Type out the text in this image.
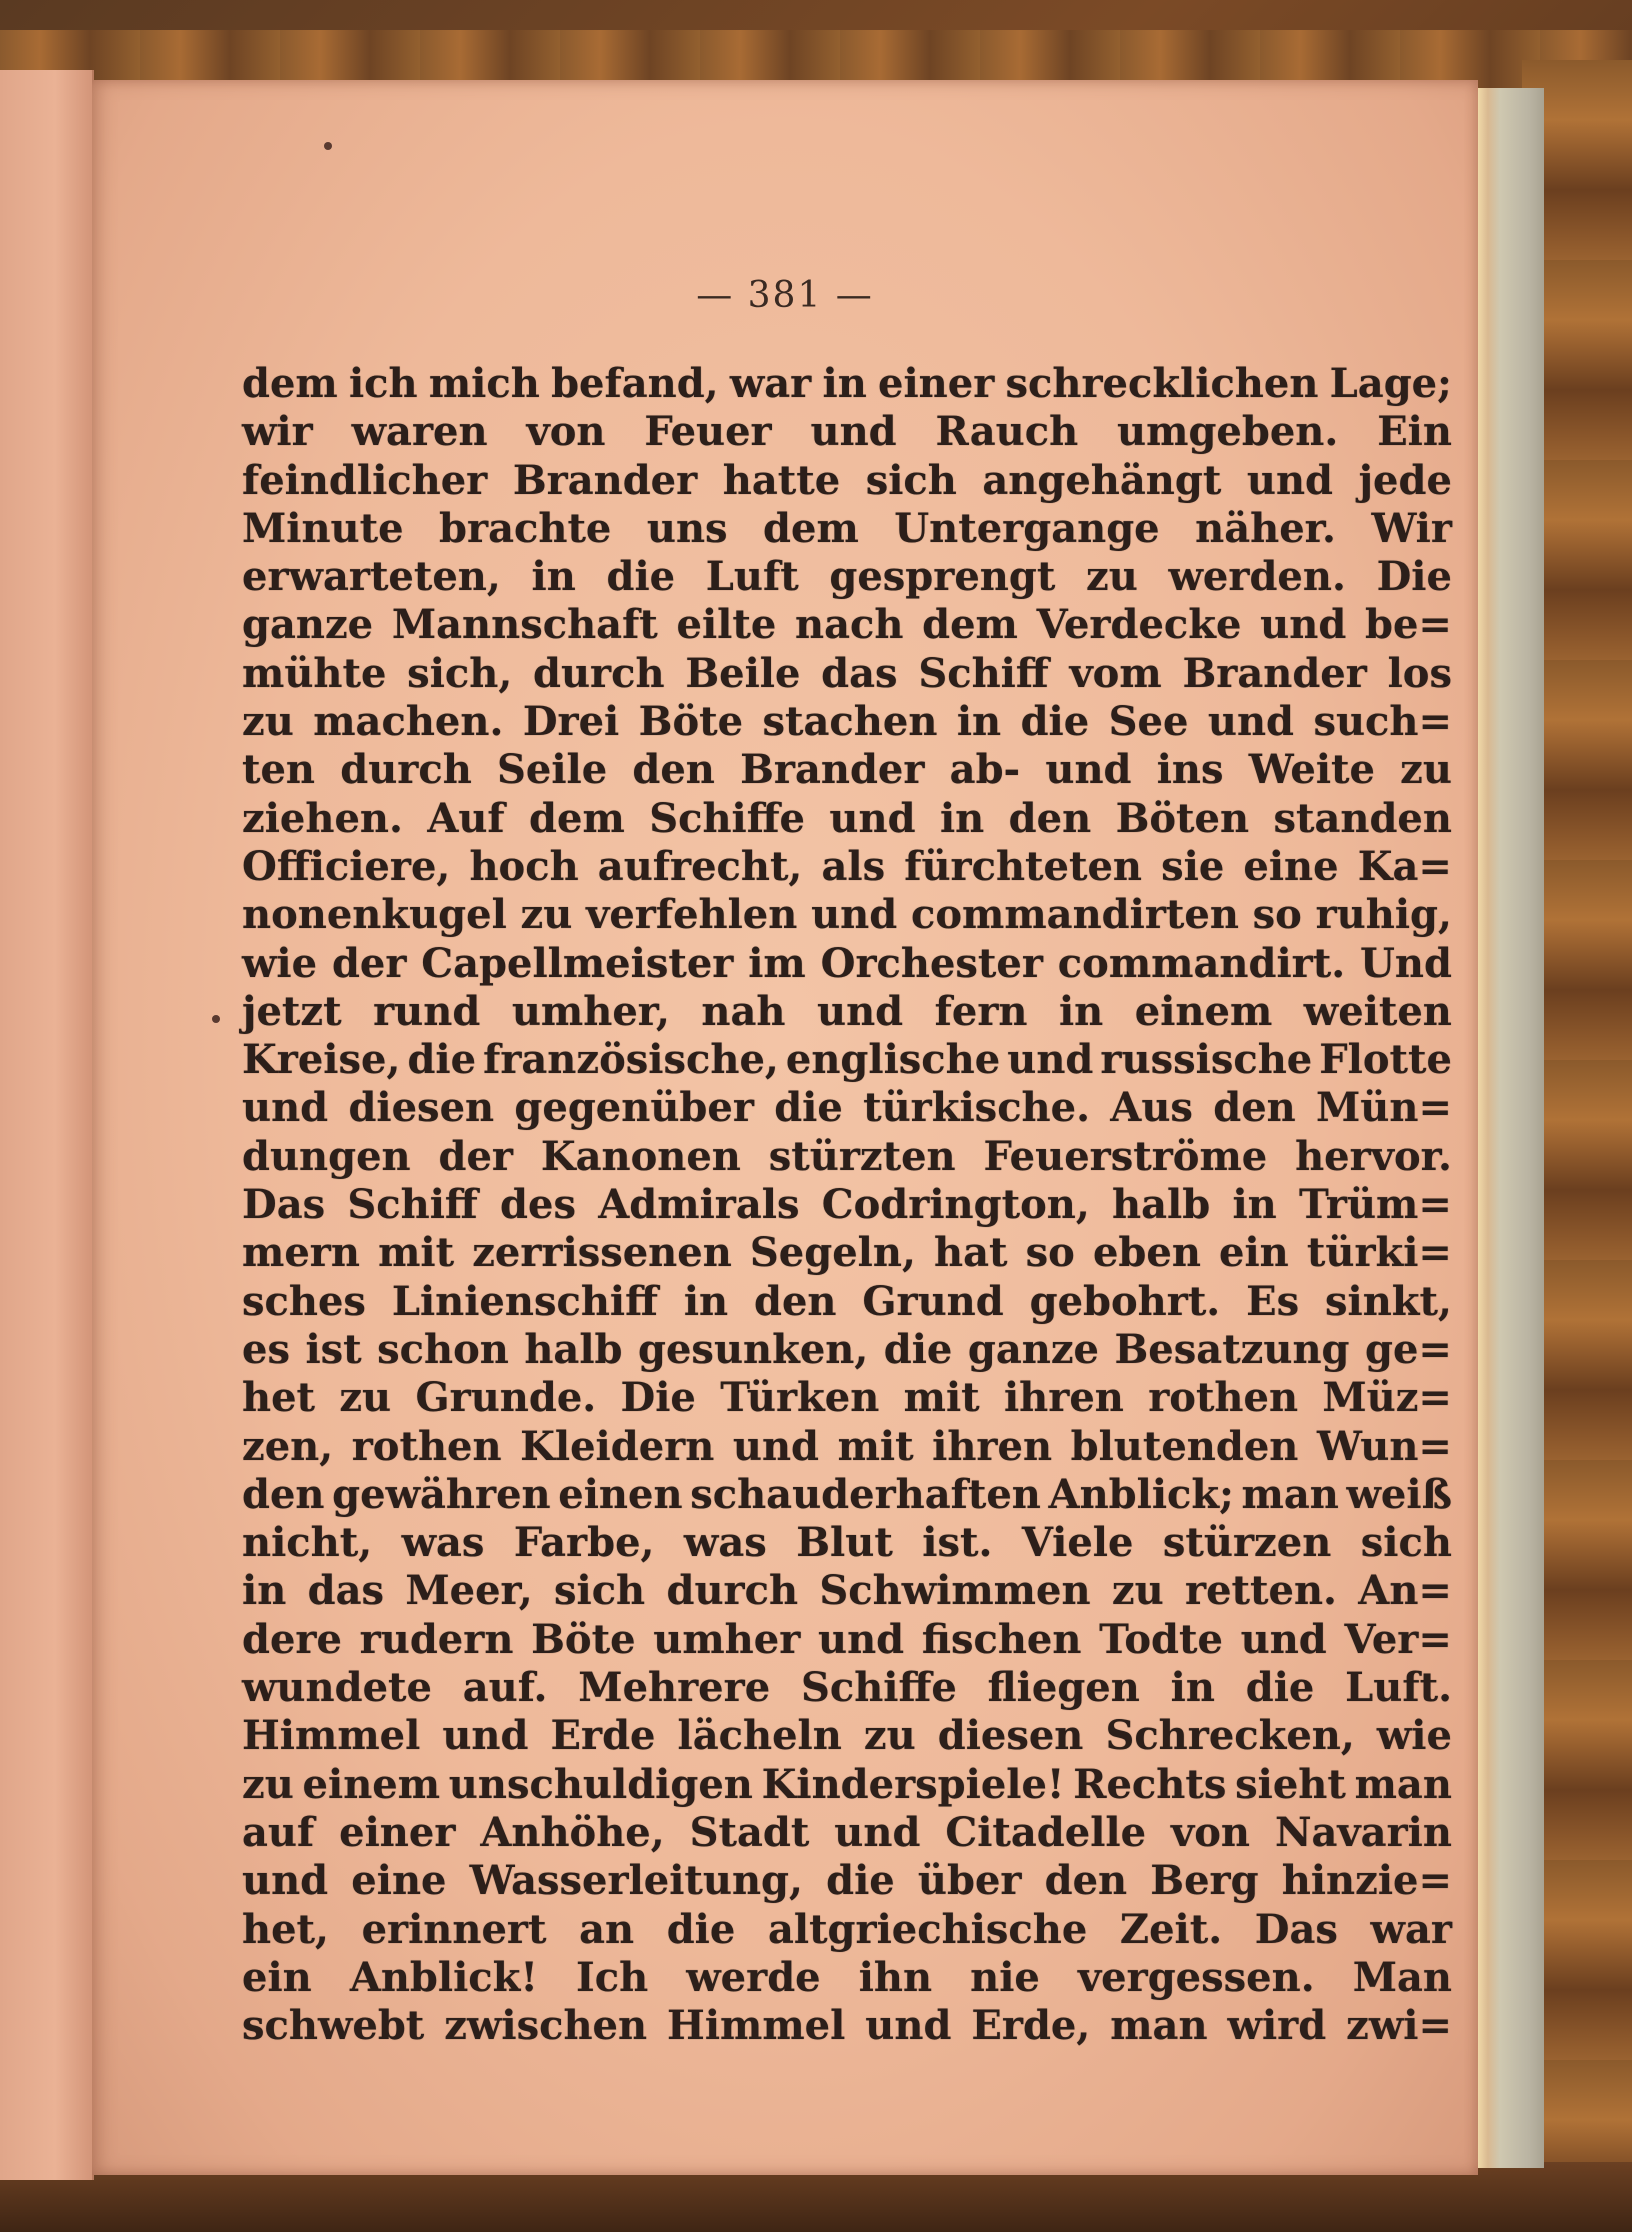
— 381 —
dem ich mich befand, war in einer schrecklichen Lage;
wir waren von Feuer und Rauch umgeben. Ein
feindlicher Brander hatte sich angehängt und jede
Minute brachte uns dem Untergange näher. Wir
erwarteten, in die Luft gesprengt zu werden. Die
ganze Mannschaft eilte nach dem Verdecke und be=
mühte sich, durch Beile das Schiff vom Brander los
zu machen. Drei Böte stachen in die See und such=
ten durch Seile den Brander ab- und ins Weite zu
ziehen. Auf dem Schiffe und in den Böten standen
Officiere, hoch aufrecht, als fürchteten sie eine Ka=
nonenkugel zu verfehlen und commandirten so ruhig,
wie der Capellmeister im Orchester commandirt. Und
jetzt rund umher, nah und fern in einem weiten
Kreise, die französische, englische und russische Flotte
und diesen gegenüber die türkische. Aus den Mün=
dungen der Kanonen stürzten Feuerströme hervor.
Das Schiff des Admirals Codrington, halb in Trüm=
mern mit zerrissenen Segeln, hat so eben ein türki=
sches Linienschiff in den Grund gebohrt. Es sinkt,
es ist schon halb gesunken, die ganze Besatzung ge=
het zu Grunde. Die Türken mit ihren rothen Müz=
zen, rothen Kleidern und mit ihren blutenden Wun=
den gewähren einen schauderhaften Anblick; man weiß
nicht, was Farbe, was Blut ist. Viele stürzen sich
in das Meer, sich durch Schwimmen zu retten. An=
dere rudern Böte umher und fischen Todte und Ver=
wundete auf. Mehrere Schiffe fliegen in die Luft.
Himmel und Erde lächeln zu diesen Schrecken, wie
zu einem unschuldigen Kinderspiele! Rechts sieht man
auf einer Anhöhe, Stadt und Citadelle von Navarin
und eine Wasserleitung, die über den Berg hinzie=
het, erinnert an die altgriechische Zeit. Das war
ein Anblick! Ich werde ihn nie vergessen. Man
schwebt zwischen Himmel und Erde, man wird zwi=
